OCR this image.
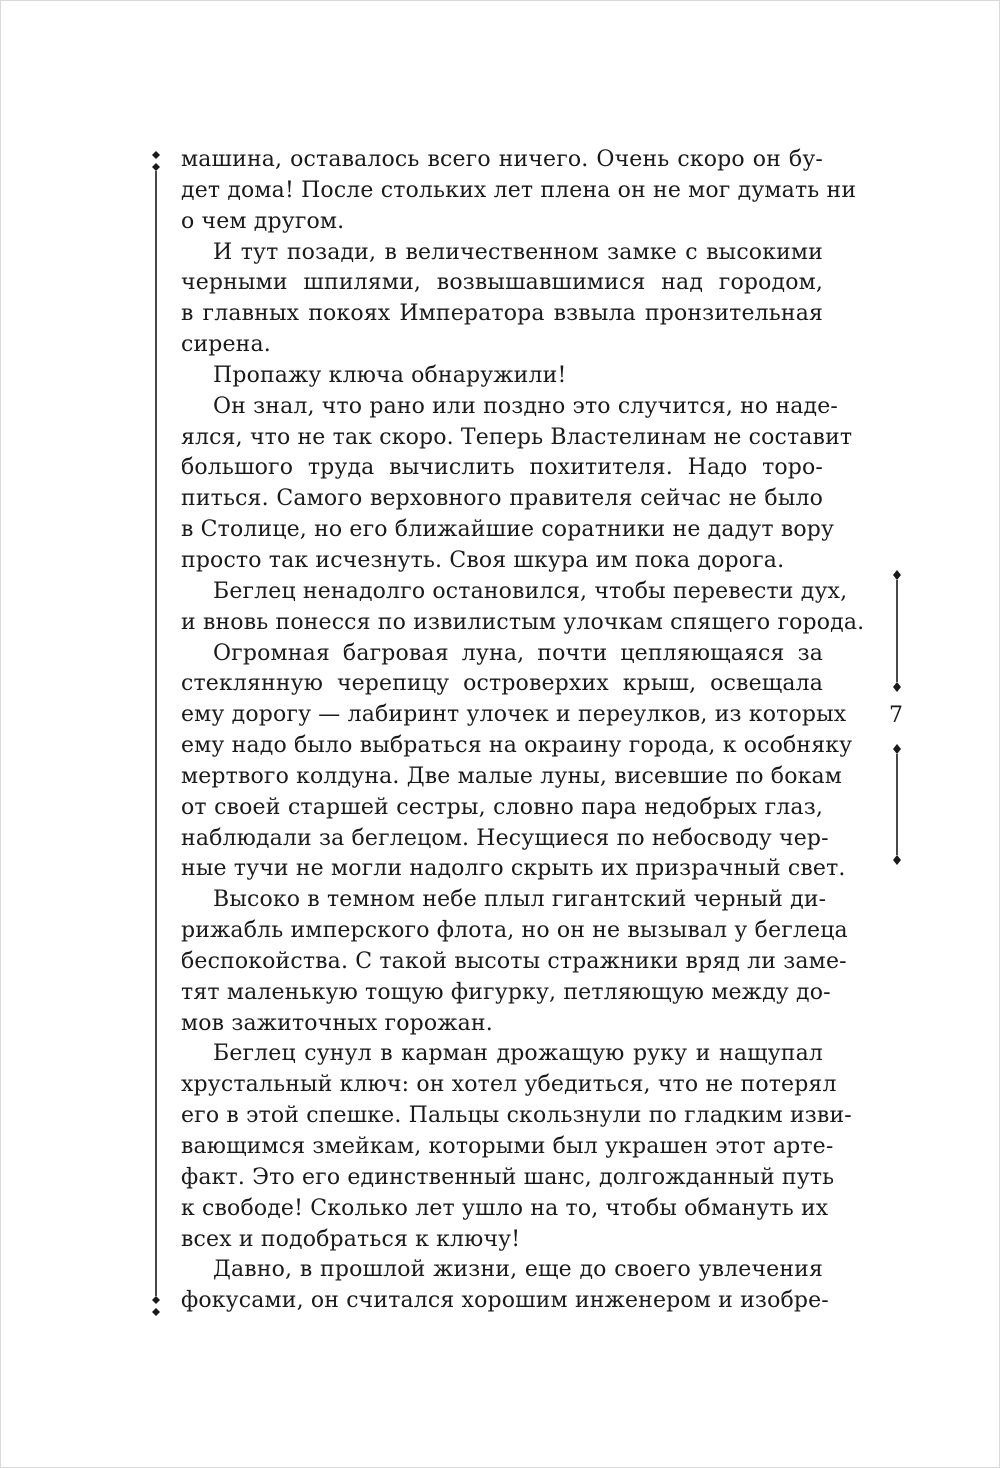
7
машина, оставалось всего ничего. Очень скоро он бу-
дет дома! После стольких лет плена он не мог думать ни
о чем другом.
И тут позади, в величественном замке с высокими
черными шпилями, возвышавшимися над городом,
в главных покоях Императора взвыла пронзительная
сирена.
Пропажу ключа обнаружили!
Он знал, что рано или поздно это случится, но наде-
ялся, что не так скоро. Теперь Властелинам не составит
большого труда вычислить похитителя. Надо торо-
питься. Самого верховного правителя сейчас не было
в Столице, но его ближайшие соратники не дадут вору
просто так исчезнуть. Своя шкура им пока дорога.
Беглец ненадолго остановился, чтобы перевести дух,
и вновь понесся по извилистым улочкам спящего города.
Огромная багровая луна, почти цепляющаяся за
стеклянную черепицу островерхих крыш, освещала
ему дорогу — лабиринт улочек и переулков, из которых
ему надо было выбраться на окраину города, к особняку
мертвого колдуна. Две малые луны, висевшие по бокам
от своей старшей сестры, словно пара недобрых глаз,
наблюдали за беглецом. Несущиеся по небосводу чер-
ные тучи не могли надолго скрыть их призрачный свет.
Высоко в темном небе плыл гигантский черный ди-
рижабль имперского флота, но он не вызывал у беглеца
беспокойства. С такой высоты стражники вряд ли заме-
тят маленькую тощую фигурку, петляющую между до-
мов зажиточных горожан.
Беглец сунул в карман дрожащую руку и нащупал
хрустальный ключ: он хотел убедиться, что не потерял
его в этой спешке. Пальцы скользнули по гладким изви-
вающимся змейкам, которыми был украшен этот арте-
факт. Это его единственный шанс, долгожданный путь
к свободе! Сколько лет ушло на то, чтобы обмануть их
всех и подобраться к ключу!
Давно, в прошлой жизни, еще до своего увлечения
фокусами, он считался хорошим инженером и изобре-
